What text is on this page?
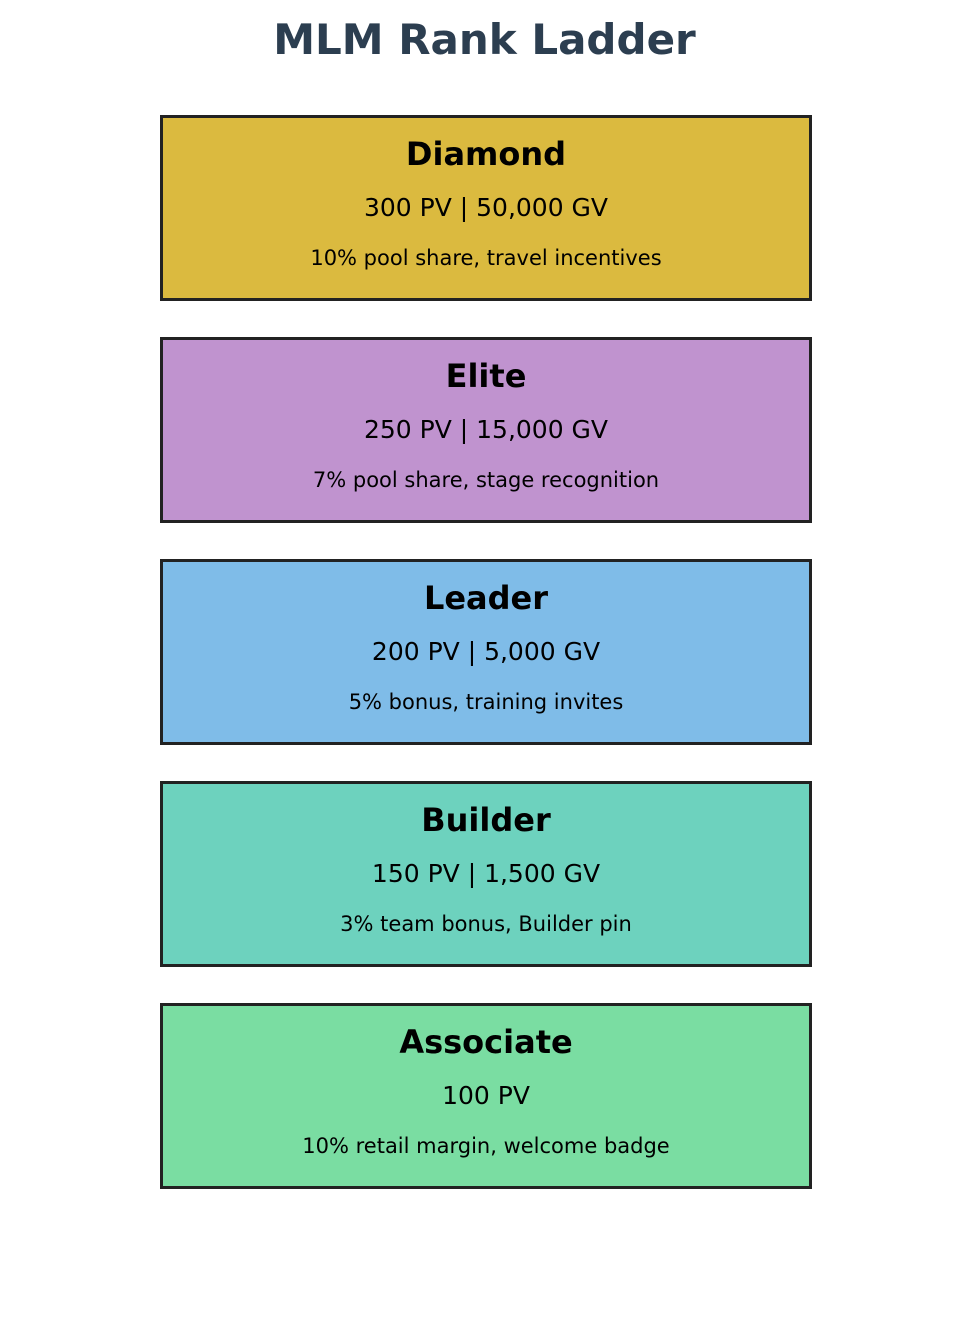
MLM Rank Ladder
Diamond
300 PV | 50,000 GV
10% pool share, travel incentives
Elite
250 PV | 15,000 GV
7% pool share, stage recognition
Leader
200 PV | 5,000 GV
5% bonus, training invites
Builder
150 PV | 1,500 GV
3% team bonus, Builder pin
Associate
100 PV
10% retail margin, welcome badge
